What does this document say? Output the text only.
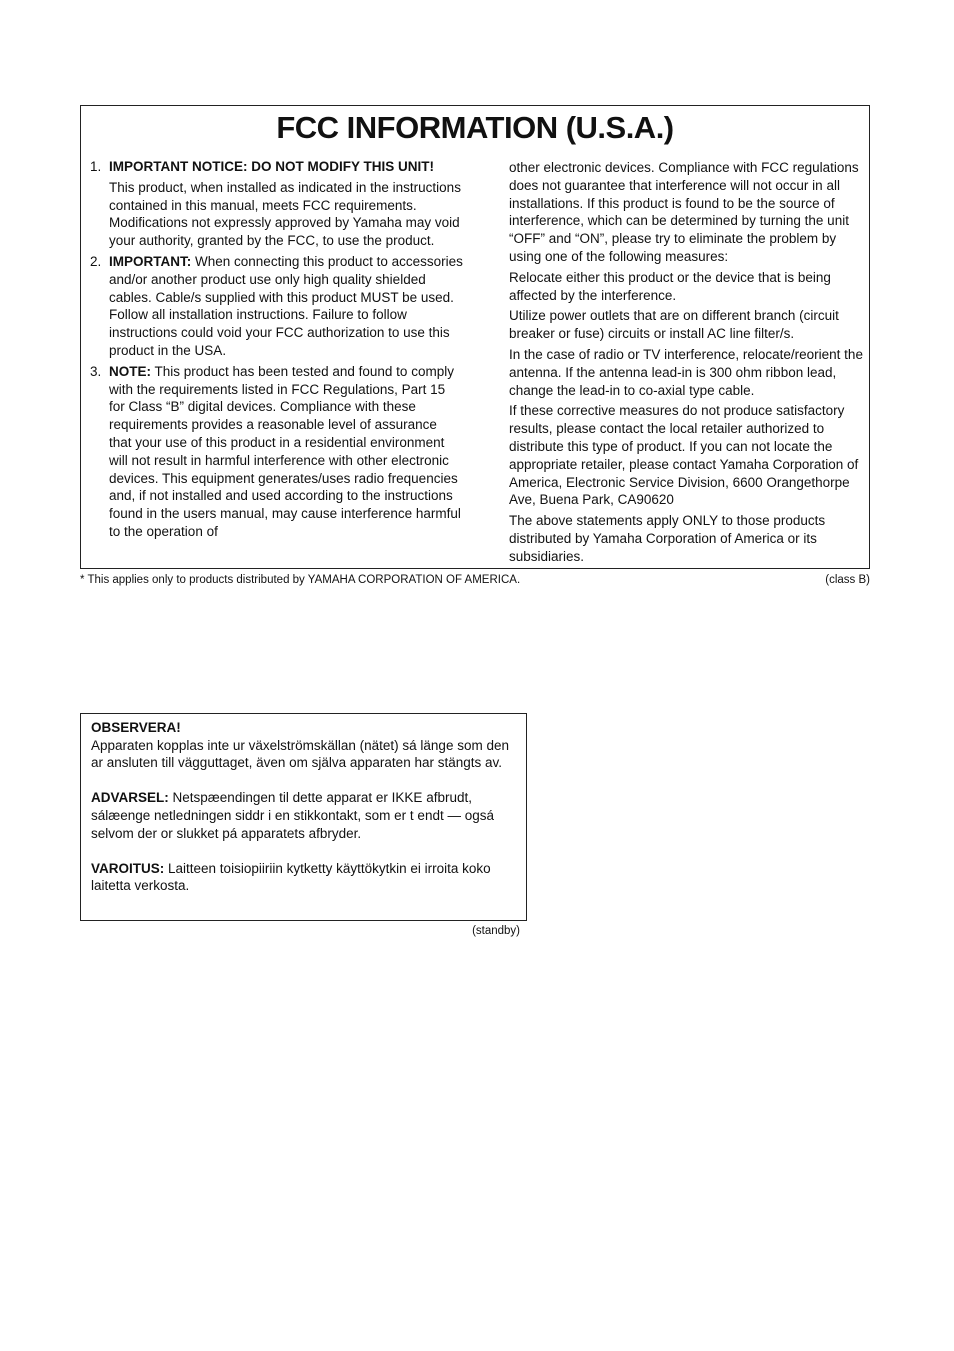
FCC INFORMATION (U.S.A.)
1. IMPORTANT NOTICE: DO NOT MODIFY THIS UNIT!
This product, when installed as indicated in the instructions contained in this manual, meets FCC requirements. Modifications not expressly approved by Yamaha may void your authority, granted by the FCC, to use the product.
2. IMPORTANT: When connecting this product to accessories and/or another product use only high quality shielded cables. Cable/s supplied with this product MUST be used. Follow all installation instructions. Failure to follow instructions could void your FCC authorization to use this product in the USA.
3. NOTE: This product has been tested and found to comply with the requirements listed in FCC Regulations, Part 15 for Class “B” digital devices. Compliance with these requirements provides a reasonable level of assurance that your use of this product in a residential environment will not result in harmful interference with other electronic devices. This equipment generates/uses radio frequencies and, if not installed and used according to the instructions found in the users manual, may cause interference harmful to the operation of

other electronic devices. Compliance with FCC regulations does not guarantee that interference will not occur in all installations. If this product is found to be the source of interference, which can be determined by turning the unit “OFF” and “ON”, please try to eliminate the problem by using one of the following measures:

Relocate either this product or the device that is being affected by the interference.

Utilize power outlets that are on different branch (circuit breaker or fuse) circuits or install AC line filter/s.

In the case of radio or TV interference, relocate/reorient the antenna. If the antenna lead-in is 300 ohm ribbon lead, change the lead-in to co-axial type cable.

If these corrective measures do not produce satisfactory results, please contact the local retailer authorized to distribute this type of product. If you can not locate the appropriate retailer, please contact Yamaha Corporation of America, Electronic Service Division, 6600 Orangethorpe Ave, Buena Park, CA90620

The above statements apply ONLY to those products distributed by Yamaha Corporation of America or its subsidiaries.

* This applies only to products distributed by YAMAHA CORPORATION OF AMERICA.	(class B)

OBSERVERA!
Apparaten kopplas inte ur växelströmskällan (nätet) sá länge som den ar ansluten till vägguttaget, även om själva apparaten har stängts av.

ADVARSEL: Netspæendingen til dette apparat er IKKE afbrudt, sálæenge netledningen siddr i en stikkontakt, som er t endt — ogsá selvom der or slukket pá apparatets afbryder.

VAROITUS: Laitteen toisiopiiriin kytketty käyttökytkin ei irroita koko laitetta verkosta.

(standby)
